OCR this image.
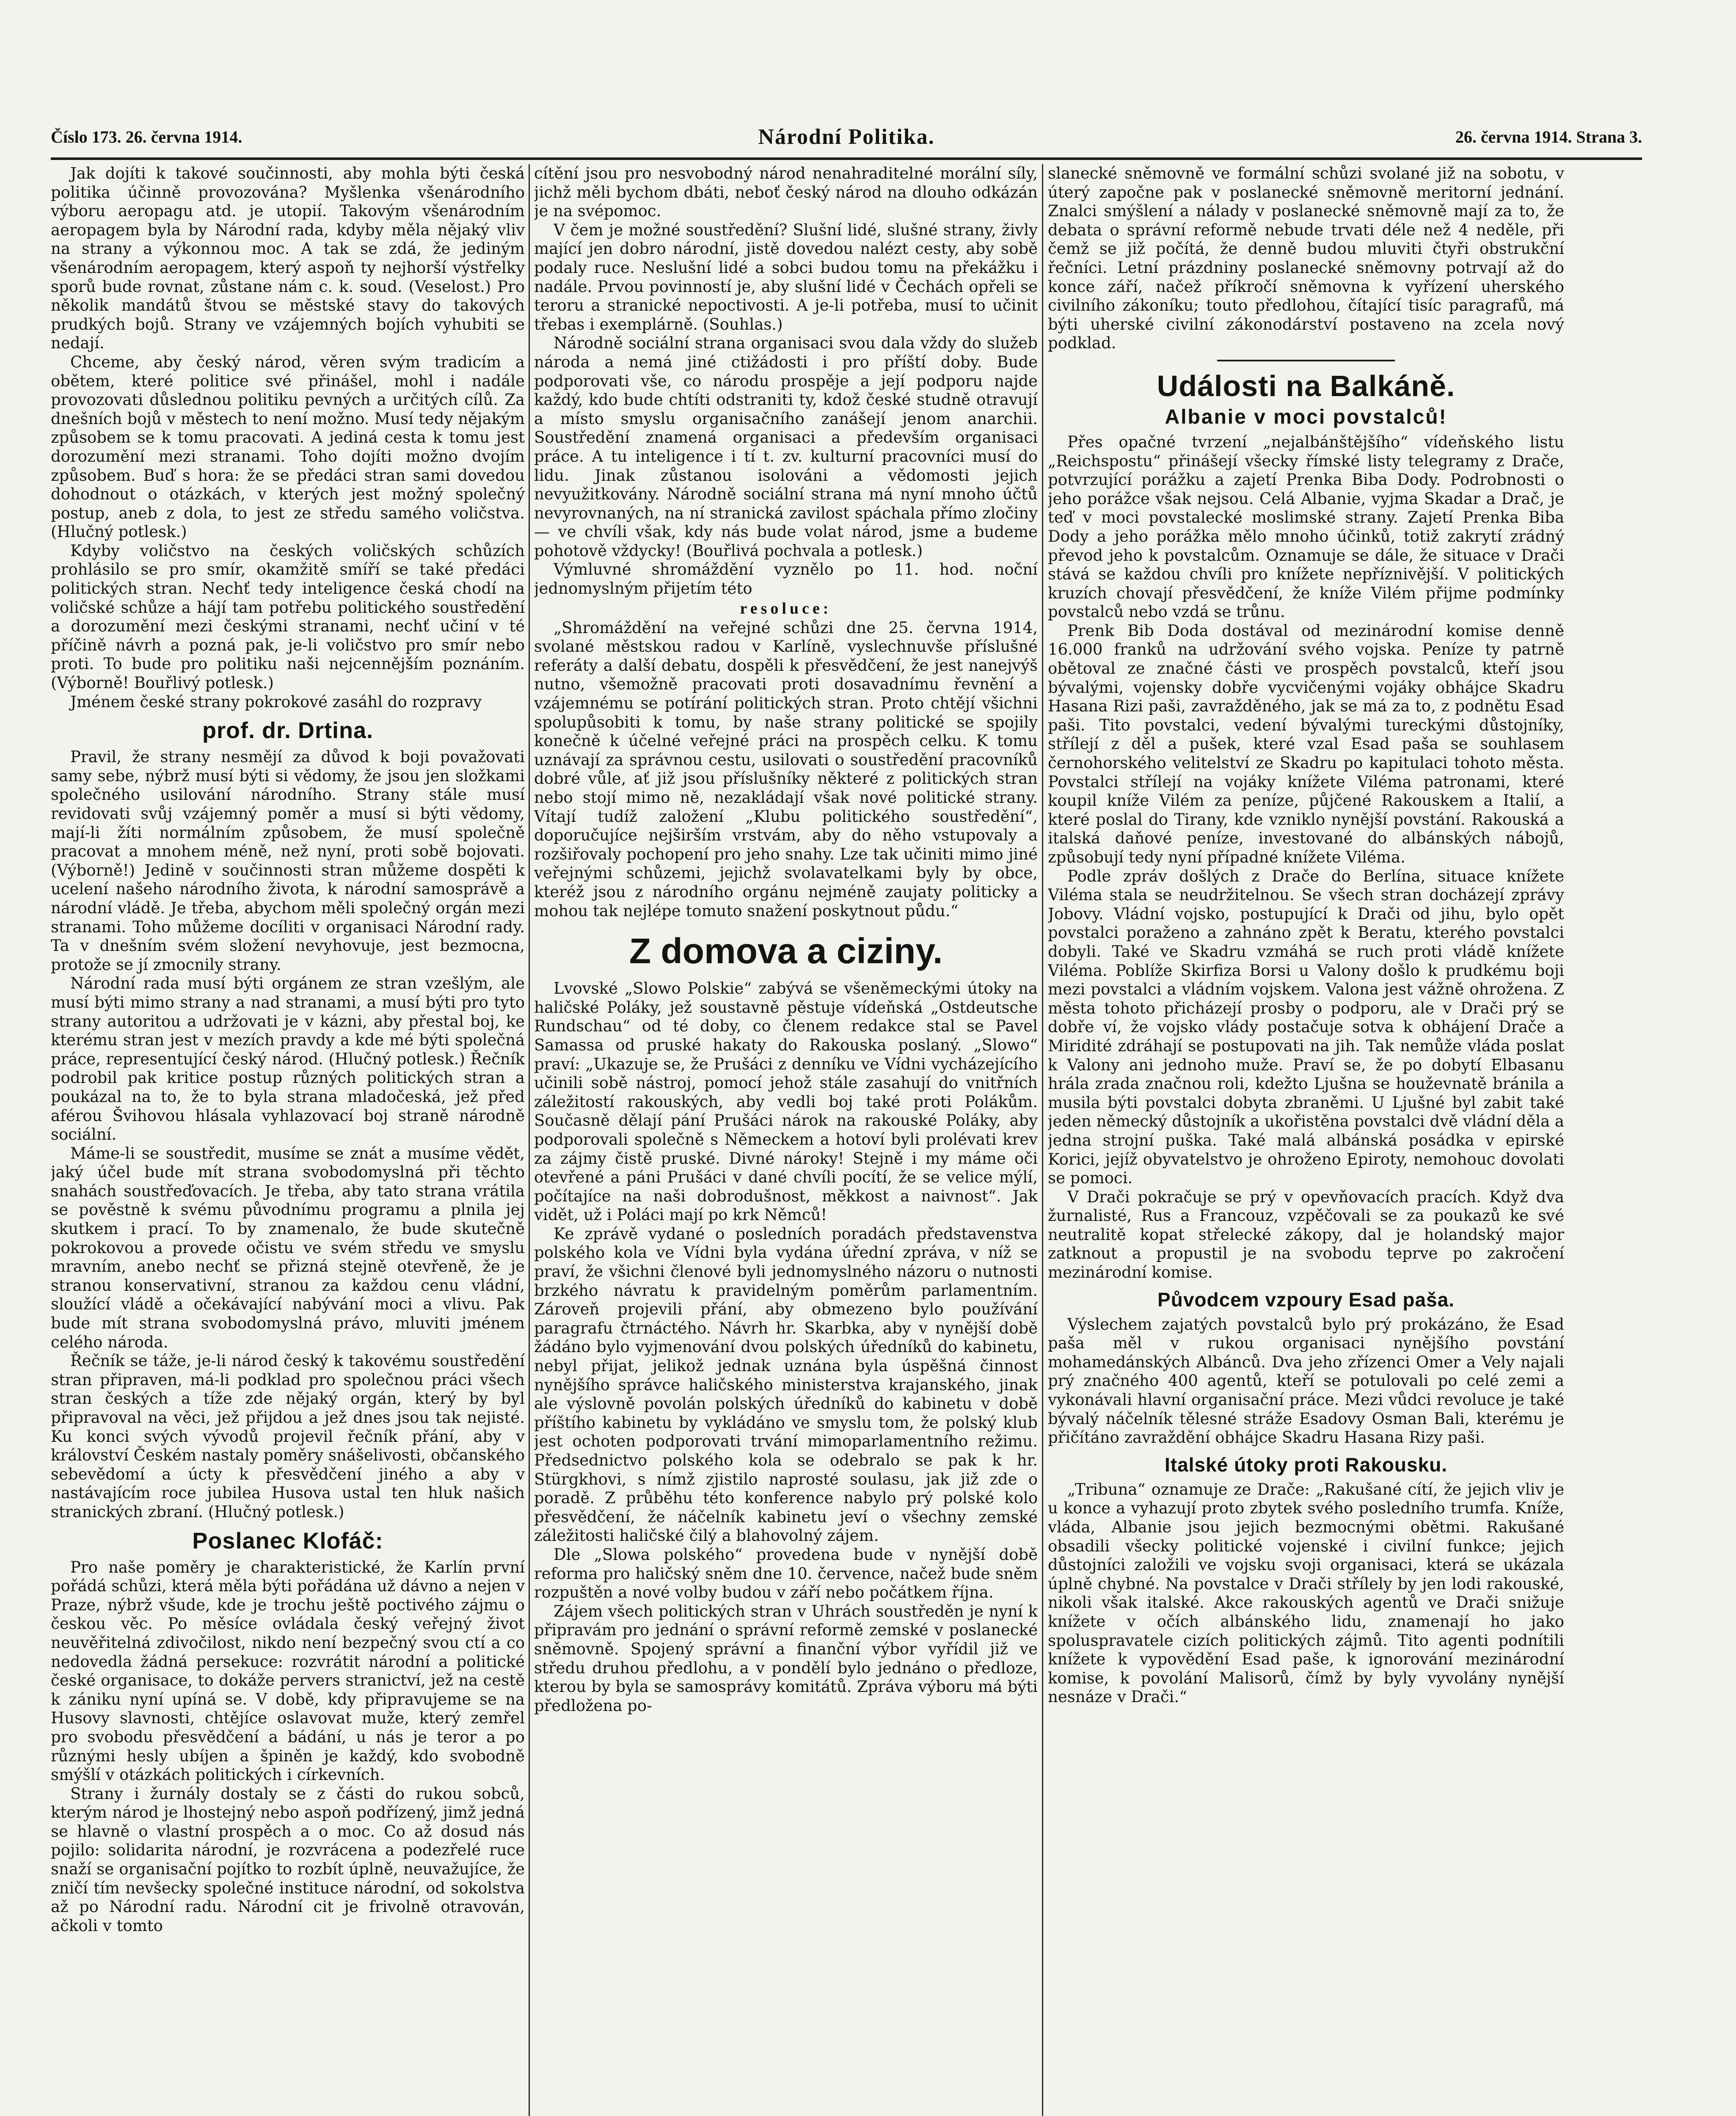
Číslo 173. 26. června 1914.	Národní Politika.	26. června 1914. Strana 3.

Jak dojíti k takové součinnosti, aby mohla býti česká politika účinně provozována? Myšlenka všenárodního výboru aeropagu atd. je utopií. Takovým všenárodním aeropagem byla by Národní rada, kdyby měla nějaký vliv na strany a výkonnou moc. A tak se zdá, že jediným všenárodním aeropagem, který aspoň ty nejhorší výstřelky sporů bude rovnat, zůstane nám c. k. soud. (Veselost.) Pro několik mandátů štvou se městské stavy do takových prudkých bojů. Strany ve vzájemných bojích vyhubiti se nedají.

Chceme, aby český národ, věren svým tradicím a obětem, které politice své přinášel, mohl i nadále provozovati důslednou politiku pevných a určitých cílů. Za dnešních bojů v městech to není možno. Musí tedy nějakým způsobem se k tomu pracovati. A jediná cesta k tomu jest dorozumění mezi stranami. Toho dojíti možno dvojím způsobem. Buď s hora: že se předáci stran sami dovedou dohodnout o otázkách, v kterých jest možný společný postup, aneb z dola, to jest ze středu samého voličstva. (Hlučný potlesk.)

Kdyby voličstvo na českých voličských schůzích prohlásilo se pro smír, okamžitě smíří se také předáci politických stran. Nechť tedy inteligence česká chodí na voličské schůze a hájí tam potřebu politického soustředění a dorozumění mezi českými stranami, nechť učiní v té příčině návrh a pozná pak, je-li voličstvo pro smír nebo proti. To bude pro politiku naši nejcennějším poznáním. (Výborně! Bouřlivý potlesk.)

Jménem české strany pokrokové zasáhl do rozpravy

prof. dr. Drtina.

Pravil, že strany nesmějí za důvod k boji považovati samy sebe, nýbrž musí býti si vědomy, že jsou jen složkami společného usilování národního. Strany stále musí revidovati svůj vzájemný poměr a musí si býti vědomy, mají-li žíti normálním způsobem, že musí společně pracovat a mnohem méně, než nyní, proti sobě bojovati. (Výborně!) Jedině v součinnosti stran můžeme dospěti k ucelení našeho národního života, k národní samosprávě a národní vládě. Je třeba, abychom měli společný orgán mezi stranami. Toho můžeme docíliti v organisaci Národní rady. Ta v dnešním svém složení nevyhovuje, jest bezmocna, protože se jí zmocnily strany.

Národní rada musí býti orgánem ze stran vzešlým, ale musí býti mimo strany a nad stranami, a musí býti pro tyto strany autoritou a udržovati je v kázni, aby přestal boj, ke kterému stran jest v mezích pravdy a kde mé býti společná práce, representující český národ. (Hlučný potlesk.) Řečník podrobil pak kritice postup různých politických stran a poukázal na to, že to byla strana mladočeská, jež před aférou Švihovou hlásala vyhlazovací boj straně národně sociální.

Máme-li se soustředit, musíme se znát a musíme vědět, jaký účel bude mít strana svobodomyslná při těchto snahách soustřeďovacích. Je třeba, aby tato strana vrátila se pověstně k svému původnímu programu a plnila jej skutkem i prací. To by znamenalo, že bude skutečně pokrokovou a provede očistu ve svém středu ve smyslu mravním, anebo nechť se přizná stejně otevřeně, že je stranou konservativní, stranou za každou cenu vládní, sloužící vládě a očekávající nabývání moci a vlivu. Pak bude mít strana svobodomyslná právo, mluviti jménem celého národa.

Řečník se táže, je-li národ český k takovému soustředění stran připraven, má-li podklad pro společnou práci všech stran českých a tíže zde nějaký orgán, který by byl připravoval na věci, jež přijdou a jež dnes jsou tak nejisté. Ku konci svých vývodů projevil řečník přání, aby v království Českém nastaly poměry snášelivosti, občanského sebevědomí a úcty k přesvědčení jiného a aby v nastávajícím roce jubilea Husova ustal ten hluk našich stranických zbraní. (Hlučný potlesk.)

Poslanec Klofáč:

Pro naše poměry je charakteristické, že Karlín první pořádá schůzi, která měla býti pořádána už dávno a nejen v Praze, nýbrž všude, kde je trochu ještě poctivého zájmu o českou věc. Po měsíce ovládala český veřejný život neuvěřitelná zdivočilost, nikdo není bezpečný svou ctí a co nedovedla žádná persekuce: rozvrátit národní a politické české organisace, to dokáže pervers stranictví, jež na cestě k zániku nyní upíná se. V době, kdy připravujeme se na Husovy slavnosti, chtějíce oslavovat muže, který zemřel pro svobodu přesvědčení a bádání, u nás je teror a po různými hesly ubíjen a špiněn je každý, kdo svobodně smýšlí v otázkách politických i církevních.

Strany i žurnály dostaly se z části do rukou sobců, kterým národ je lhostejný nebo aspoň podřízený, jimž jedná se hlavně o vlastní prospěch a o moc. Co až dosud nás pojilo: solidarita národní, je rozvrácena a podezřelé ruce snaží se organisační pojítko to rozbít úplně, neuvažujíce, že zničí tím nevšecky společné instituce národní, od sokolstva až po Národní radu. Národní cit je frivolně otravován, ačkoli v tomto

cítění jsou pro nesvobodný národ nenahraditelné morální síly, jichž měli bychom dbáti, neboť český národ na dlouho odkázán je na svépomoc.

V čem je možné soustředění? Slušní lidé, slušné strany, živly mající jen dobro národní, jistě dovedou nalézt cesty, aby sobě podaly ruce. Neslušní lidé a sobci budou tomu na překážku i nadále. Prvou povinností je, aby slušní lidé v Čechách opřeli se teroru a stranické nepoctivosti. A je-li potřeba, musí to učinit třebas i exemplárně. (Souhlas.)

Národně sociální strana organisaci svou dala vždy do služeb národa a nemá jiné ctižádosti i pro příští doby. Bude podporovati vše, co národu prospěje a její podporu najde každý, kdo bude chtíti odstraniti ty, kdož české studně otravují a místo smyslu organisačního zanášejí jenom anarchii. Soustředění znamená organisaci a především organisaci práce. A tu inteligence i tí t. zv. kulturní pracovníci musí do lidu. Jinak zůstanou isolováni a vědomosti jejich nevyužitkovány. Národně sociální strana má nyní mnoho účtů nevyrovnaných, na ní stranická zavilost spáchala přímo zločiny — ve chvíli však, kdy nás bude volat národ, jsme a budeme pohotově vždycky! (Bouřlivá pochvala a potlesk.)

Výmluvné shromáždění vyznělo po 11. hod. noční jednomyslným přijetím této

resoluce:

„Shromáždění na veřejné schůzi dne 25. června 1914, svolané městskou radou v Karlíně, vyslechnuvše příslušné referáty a další debatu, dospěli k přesvědčení, že jest nanejvýš nutno, všemožně pracovati proti dosavadnímu řevnění a vzájemnému se potírání politických stran. Proto chtějí všichni spolupůsobiti k tomu, by naše strany politické se spojily konečně k účelné veřejné práci na prospěch celku. K tomu uznávají za správnou cestu, usilovati o soustředění pracovníků dobré vůle, ať již jsou příslušníky některé z politických stran nebo stojí mimo ně, nezakládají však nové politické strany. Vítají tudíž založení „Klubu politického soustředění“, doporučujíce nejširším vrstvám, aby do něho vstupovaly a rozšiřovaly pochopení pro jeho snahy. Lze tak učiniti mimo jiné veřejnými schůzemi, jejichž svolavatelkami byly by obce, kteréž jsou z národního orgánu nejméně zaujaty politicky a mohou tak nejlépe tomuto snažení poskytnout půdu.“

Z domova a ciziny.

Lvovské „Slowo Polskie“ zabývá se všeněmeckými útoky na haličské Poláky, jež soustavně pěstuje vídeňská „Ostdeutsche Rundschau“ od té doby, co členem redakce stal se Pavel Samassa od pruské hakaty do Rakouska poslaný. „Slowo“ praví: „Ukazuje se, že Prušáci z denníku ve Vídni vycházejícího učinili sobě nástroj, pomocí jehož stále zasahují do vnitřních záležitostí rakouských, aby vedli boj také proti Polákům. Současně dělají pání Prušáci nárok na rakouské Poláky, aby podporovali společně s Německem a hotoví byli prolévati krev za zájmy čistě pruské. Divné nároky! Stejně i my máme oči otevřené a páni Prušáci v dané chvíli pocítí, že se velice mýlí, počítajíce na naši dobrodušnost, měkkost a naivnost“. Jak vidět, už i Poláci mají po krk Němců!

Ke zprávě vydané o posledních poradách představenstva polského kola ve Vídni byla vydána úřední zpráva, v níž se praví, že všichni členové byli jednomyslného názoru o nutnosti brzkého návratu k pravidelným poměrům parlamentním. Zároveň projevili přání, aby obmezeno bylo používání paragrafu čtrnáctého. Návrh hr. Skarbka, aby v nynější době žádáno bylo vyjmenování dvou polských úředníků do kabinetu, nebyl přijat, jelikož jednak uznána byla úspěšná činnost nynějšího správce haličského ministerstva krajanského, jinak ale výslovně povolán polských úředníků do kabinetu v době příštího kabinetu by vykládáno ve smyslu tom, že polský klub jest ochoten podporovati trvání mimoparlamentního režimu. Předsednictvo polského kola se odebralo se pak k hr. Stürgkhovi, s nímž zjistilo naprosté soulasu, jak již zde o poradě. Z průběhu této konference nabylo prý polské kolo přesvědčení, že náčelník kabinetu jeví o všechny zemské záležitosti haličské čilý a blahovolný zájem.

Dle „Slowa polského“ provedena bude v nynější době reforma pro haličský sněm dne 10. července, načež bude sněm rozpuštěn a nové volby budou v září nebo počátkem října.

Zájem všech politických stran v Uhrách soustředěn je nyní k připravám pro jednání o správní reformě zemské v poslanecké sněmovně. Spojený správní a finanční výbor vyřídil již ve středu druhou předlohu, a v pondělí bylo jednáno o předloze, kterou by byla se samosprávy komitátů. Zpráva výboru má býti předložena po-

slanecké sněmovně ve formální schůzi svolané již na sobotu, v úterý započne pak v poslanecké sněmovně meritorní jednání. Znalci smýšlení a nálady v poslanecké sněmovně mají za to, že debata o správní reformě nebude trvati déle než 4 neděle, při čemž se již počítá, že denně budou mluviti čtyři obstrukční řečníci. Letní prázdniny poslanecké sněmovny potrvají až do konce září, načež příkročí sněmovna k vyřízení uherského civilního zákoníku; touto předlohou, čítající tisíc paragrafů, má býti uherské civilní zákonodárství postaveno na zcela nový podklad.

Události na Balkáně.
Albanie v moci povstalců!

Přes opačné tvrzení „nejalbánštějšího“ vídeňského listu „Reichspostu“ přinášejí všecky římské listy telegramy z Drače, potvrzující porážku a zajetí Prenka Biba Dody. Podrobnosti o jeho porážce však nejsou. Celá Albanie, vyjma Skadar a Drač, je teď v moci povstalecké moslimské strany. Zajetí Prenka Biba Dody a jeho porážka mělo mnoho účinků, totiž zakrytí zrádný převod jeho k povstalcům. Oznamuje se dále, že situace v Drači stává se každou chvíli pro knížete nepříznivější. V politických kruzích chovají přesvědčení, že kníže Vilém přijme podmínky povstalců nebo vzdá se trůnu.

Prenk Bib Doda dostával od mezinárodní komise denně 16.000 franků na udržování svého vojska. Peníze ty patrně obětoval ze značné části ve prospěch povstalců, kteří jsou bývalými, vojensky dobře vycvičenými vojáky obhájce Skadru Hasana Rizi paši, zavražděného, jak se má za to, z podnětu Esad paši. Tito povstalci, vedení bývalými tureckými důstojníky, střílejí z děl a pušek, které vzal Esad paša se souhlasem černohorského velitelství ze Skadru po kapitulaci tohoto města. Povstalci střílejí na vojáky knížete Viléma patronami, které koupil kníže Vilém za peníze, půjčené Rakouskem a Italií, a které poslal do Tirany, kde vzniklo nynější povstání. Rakouská a italská daňové peníze, investované do albánských nábojů, způsobují tedy nyní případné knížete Viléma.

Podle zpráv došlých z Drače do Berlína, situace knížete Viléma stala se neudržitelnou. Se všech stran docházejí zprávy Jobovy. Vládní vojsko, postupující k Drači od jihu, bylo opět povstalci poraženo a zahnáno zpět k Beratu, kterého povstalci dobyli. Také ve Skadru vzmáhá se ruch proti vládě knížete Viléma. Poblíže Skirfiza Borsi u Valony došlo k prudkému boji mezi povstalci a vládním vojskem. Valona jest vážně ohrožena. Z města tohoto přicházejí prosby o podporu, ale v Drači prý se dobře ví, že vojsko vlády postačuje sotva k obhájení Drače a Miridité zdráhají se postupovati na jih. Tak nemůže vláda poslat k Valony ani jednoho muže. Praví se, že po dobytí Elbasanu hrála zrada značnou roli, kdežto Ljušna se houževnatě bránila a musila býti povstalci dobyta zbraněmi. U Ljušné byl zabit také jeden německý důstojník a ukořistěna povstalci dvě vládní děla a jedna strojní puška. Také malá albánská posádka v epirské Korici, jejíž obyvatelstvo je ohroženo Epiroty, nemohouc dovolati se pomoci.

V Drači pokračuje se prý v opevňovacích pracích. Když dva žurnalisté, Rus a Francouz, vzpěčovali se za poukazů ke své neutralitě kopat střelecké zákopy, dal je holandský major zatknout a propustil je na svobodu teprve po zakročení mezinárodní komise.

Původcem vzpoury Esad paša.

Výslechem zajatých povstalců bylo prý prokázáno, že Esad paša měl v rukou organisaci nynějšího povstání mohamedánských Albánců. Dva jeho zřízenci Omer a Vely najali prý značného 400 agentů, kteří se potulovali po celé zemi a vykonávali hlavní organisační práce. Mezi vůdci revoluce je také bývalý náčelník tělesné stráže Esadovy Osman Bali, kterému je přičítáno zavraždění obhájce Skadru Hasana Rizy paši.

Italské útoky proti Rakousku.

„Tribuna“ oznamuje ze Drače: „Rakušané cítí, že jejich vliv je u konce a vyhazují proto zbytek svého posledního trumfa. Kníže, vláda, Albanie jsou jejich bezmocnými obětmi. Rakušané obsadili všecky politické vojenské i civilní funkce; jejich důstojníci založili ve vojsku svoji organisaci, která se ukázala úplně chybné. Na povstalce v Drači střílely by jen lodi rakouské, nikoli však italské. Akce rakouských agentů ve Drači snižuje knížete v očích albánského lidu, znamenají ho jako spoluspravatele cizích politických zájmů. Tito agenti podnítili knížete k vypovědění Esad paše, k ignorování mezinárodní komise, k povolání Malisorů, čímž by byly vyvolány nynější nesnáze v Drači.“
